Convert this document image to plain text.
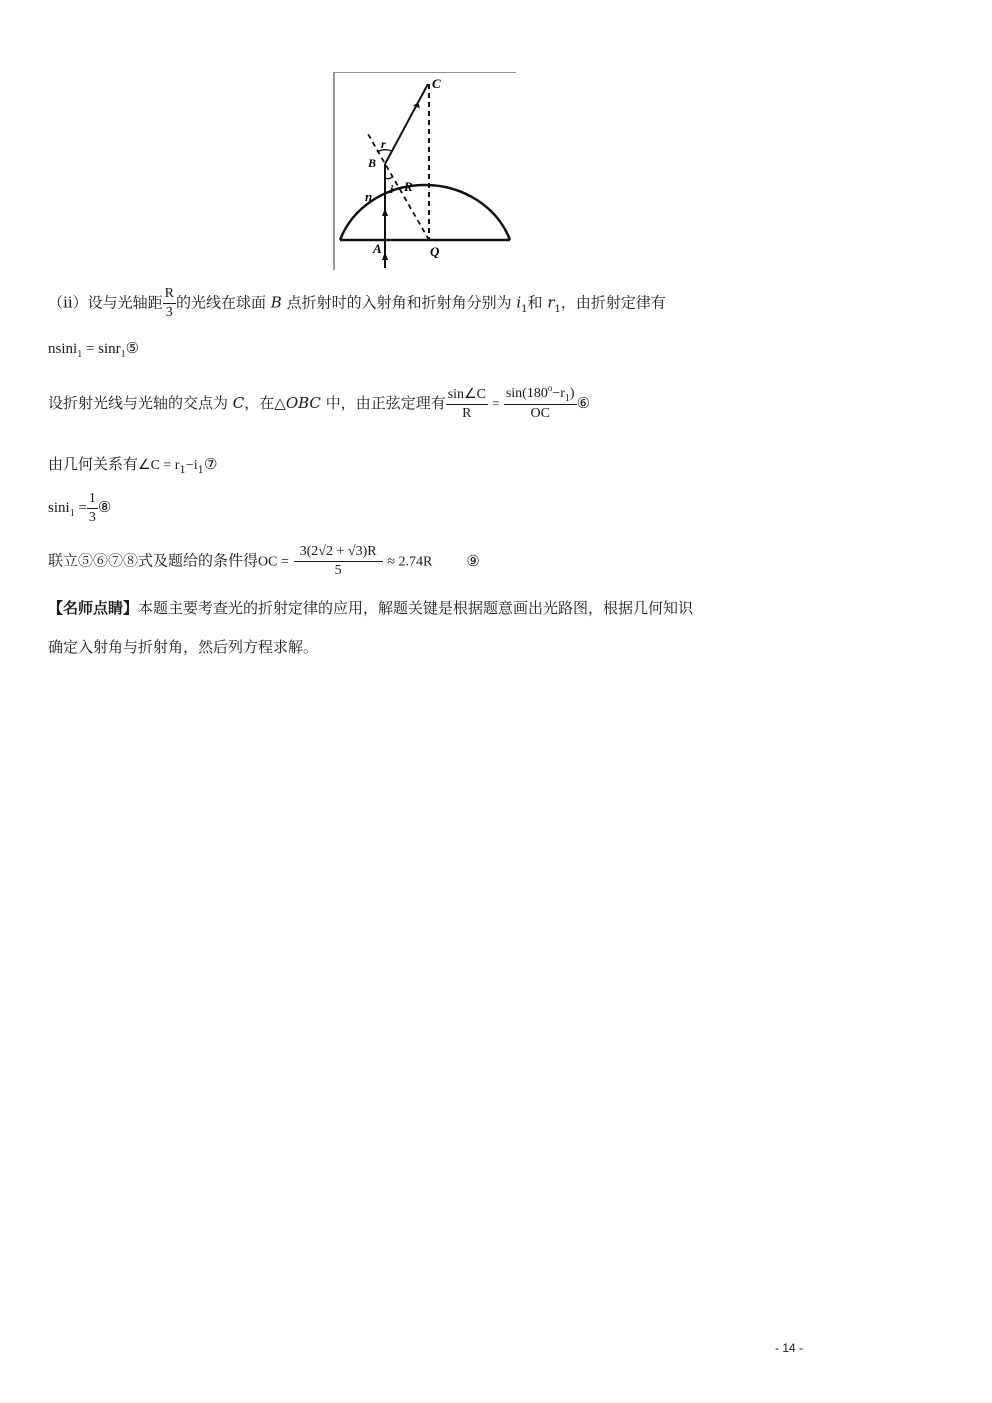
C
r
B
i R
n
A	Q
（ii）设与光轴距 $\frac{R}{3}$ 的光线在球面 B 点折射时的入射角和折射角分别为 $i_1$和 $r_1$，由折射定律有
nsini$_1$ = sinr$_1$⑤
设折射光线与光轴的交点为 C，在△OBC 中，由正弦定理有 $\frac{\sin\angle C}{R} = \frac{\sin(180^o-r_1)}{OC}$ ⑥
由几何关系有∠C = $r_1-i_1⑦$
$\sin i_1 = \frac{1}{3}$ ⑧
联立⑤⑥⑦⑧式及题给的条件得OC = $\frac{3(2√2 + √3)R}{5} \approx 2.74R$ ⑨
【名师点睛】本题主要考查光的折射定律的应用，解题关键是根据题意画出光路图，根据几何知识
确定入射角与折射角，然后列方程求解。
- 14 -
